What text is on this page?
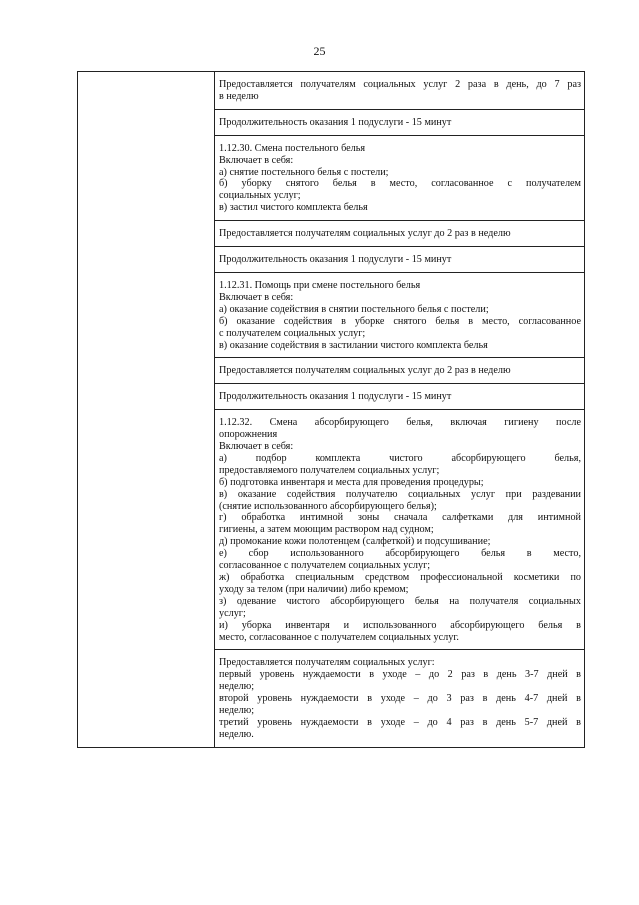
25

Предоставляется получателям социальных услуг 2 раза в день, до 7 раз
в неделю

Продолжительность оказания 1 подуслуги - 15 минут

1.12.30. Смена постельного белья
Включает в себя:
а) снятие постельного белья с постели;
б) уборку снятого белья в место, согласованное с получателем
социальных услуг;
в) застил чистого комплекта белья

Предоставляется получателям социальных услуг до 2 раз в неделю

Продолжительность оказания 1 подуслуги - 15 минут

1.12.31. Помощь при смене постельного белья
Включает в себя:
а) оказание содействия в снятии постельного белья с постели;
б) оказание содействия в уборке снятого белья в место, согласованное
с получателем социальных услуг;
в) оказание содействия в застилании чистого комплекта белья

Предоставляется получателям социальных услуг до 2 раз в неделю

Продолжительность оказания 1 подуслуги - 15 минут

1.12.32. Смена абсорбирующего белья, включая гигиену после
опорожнения
Включает в себя:
а) подбор комплекта чистого абсорбирующего белья,
предоставляемого получателем социальных услуг;
б) подготовка инвентаря и места для проведения процедуры;
в) оказание содействия получателю социальных услуг при раздевании
(снятие использованного абсорбирующего белья);
г) обработка интимной зоны сначала салфетками для интимной
гигиены, а затем моющим раствором над судном;
д) промокание кожи полотенцем (салфеткой) и подсушивание;
е) сбор использованного абсорбирующего белья в место,
согласованное с получателем социальных услуг;
ж) обработка специальным средством профессиональной косметики по
уходу за телом (при наличии) либо кремом;
з) одевание чистого абсорбирующего белья на получателя социальных
услуг;
и) уборка инвентаря и использованного абсорбирующего белья в
место, согласованное с получателем социальных услуг.

Предоставляется получателям социальных услуг:
первый уровень нуждаемости в уходе – до 2 раз в день 3-7 дней в
неделю;
второй уровень нуждаемости в уходе – до 3 раз в день 4-7 дней в
неделю;
третий уровень нуждаемости в уходе – до 4 раз в день 5-7 дней в
неделю.
